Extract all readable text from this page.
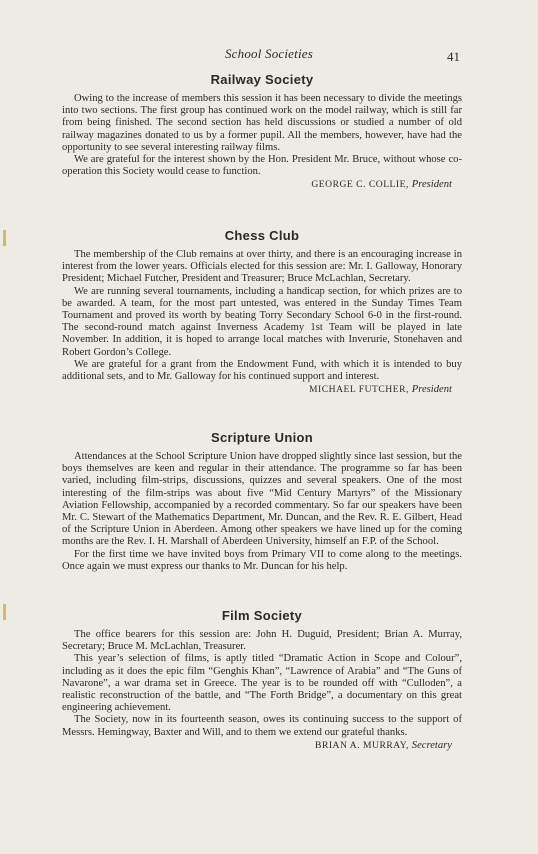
School Societies	41
Railway Society

Owing to the increase of members this session it has been necessary to divide the meetings into two sections. The first group has continued work on the model railway, which is still far from being finished. The second section has held discussions or studied a number of old railway magazines donated to us by a former pupil. All the members, however, have had the opportunity to see several interesting railway films.

We are grateful for the interest shown by the Hon. President Mr. Bruce, without whose co-operation this Society would cease to function.

GEORGE C. COLLIE, President
Chess Club

The membership of the Club remains at over thirty, and there is an encouraging increase in interest from the lower years. Officials elected for this session are: Mr. I. Galloway, Honorary President; Michael Futcher, President and Treasurer; Bruce McLachlan, Secretary.

We are running several tournaments, including a handicap section, for which prizes are to be awarded. A team, for the most part untested, was entered in the Sunday Times Team Tournament and proved its worth by beating Torry Secondary School 6-0 in the first-round. The second-round match against Inverness Academy 1st Team will be played in late November. In addition, it is hoped to arrange local matches with Inverurie, Stonehaven and Robert Gordon’s College.

We are grateful for a grant from the Endowment Fund, with which it is intended to buy additional sets, and to Mr. Galloway for his continued support and interest.

MICHAEL FUTCHER, President
Scripture Union

Attendances at the School Scripture Union have dropped slightly since last session, but the boys themselves are keen and regular in their attendance. The programme so far has been varied, including film-strips, discussions, quizzes and several speakers. One of the most interesting of the film-strips was about five “Mid Century Martyrs” of the Missionary Aviation Fellowship, accompanied by a recorded commentary. So far our speakers have been Mr. C. Stewart of the Mathematics Department, Mr. Duncan, and the Rev. R. E. Gilbert, Head of the Scripture Union in Aberdeen. Among other speakers we have lined up for the coming months are the Rev. I. H. Marshall of Aberdeen University, himself an F.P. of the School.

For the first time we have invited boys from Primary VII to come along to the meetings. Once again we must express our thanks to Mr. Duncan for his help.

Film Society

The office bearers for this session are: John H. Duguid, President; Brian A. Murray, Secretary; Bruce M. McLachlan, Treasurer.

This year’s selection of films, is aptly titled “Dramatic Action in Scope and Colour”, including as it does the epic film “Genghis Khan”, “Lawrence of Arabia” and “The Guns of Navarone”, a war drama set in Greece. The year is to be rounded off with “Culloden”, a realistic reconstruction of the battle, and “The Forth Bridge”, a documentary on this great engineering achievement.

The Society, now in its fourteenth season, owes its continuing success to the support of Messrs. Hemingway, Baxter and Will, and to them we extend our grateful thanks.

BRIAN A. MURRAY, Secretary
